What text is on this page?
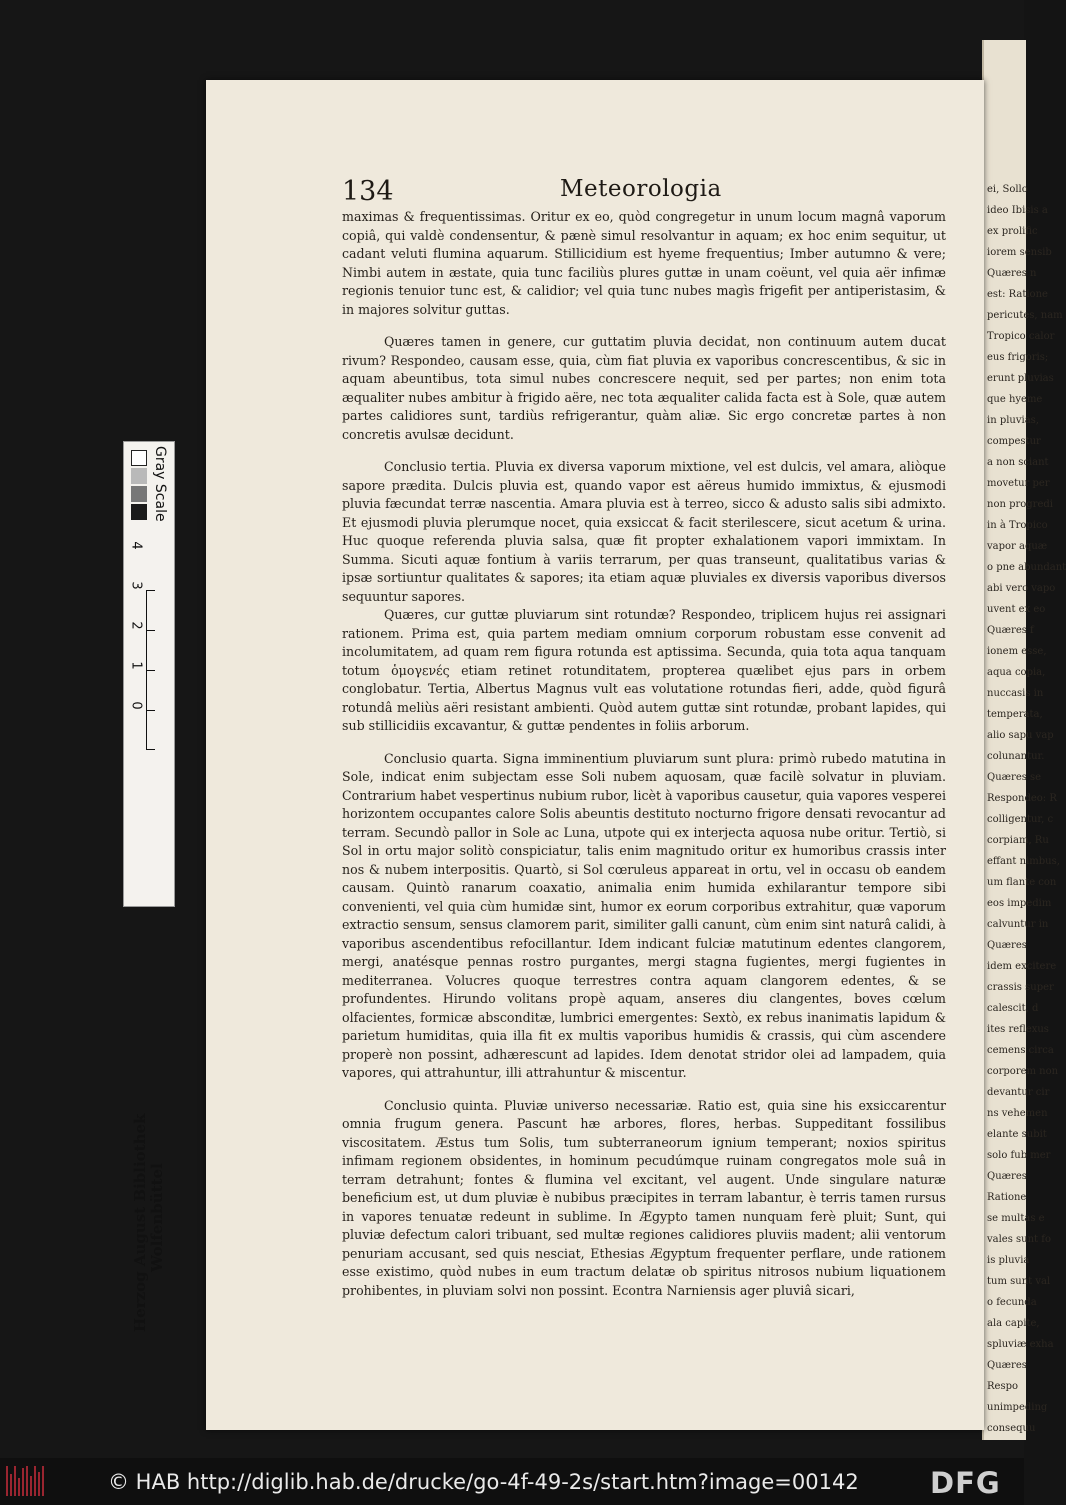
ei, Sollo
ideo Ibisis a
ex prolific
iorem sensib
Quæres n
est: Ratione
pericutes, nam
Tropico calor
eus frigoris;
erunt pluvias
que hyeme
in pluvias,
compestur
a non sciant
movetur per
non progredi
in à Tropico
vapor aquæ
o pne abundant
abi vero vapo
uvent ex eo
Quæres f
ionem esse,
aqua copia,
nuccasis in
temperata,
alio sapu vap
colunantur.
Quæres se
Respondeo: R
colligentur, c
corpiam, Ru
effant nimbus,
um flante con
eos impedim
calvuntur in
Quæres
idem excitere
crassis super
calescit, d
ites reflexus
cemens circa
corporem non
devantur cir
ns vehemen
elante subit
solo fub mer
Quæres
Ratione
se multas e
vales sunt fo
is pluvia
tum sunt val
o fecunda
ala capite,
spluviæ exha
Quæres
Respo
unimpeding
consequu
134	Meteorologia

maximas & frequentissimas. Oritur ex eo, quòd congregetur in unum locum magnâ vaporum copiâ, qui valdè condensentur, & pænè simul resolvantur in aquam; ex hoc enim sequitur, ut cadant veluti flumina aquarum. Stillicidium est hyeme frequentius; Imber autumno & vere; Nimbi autem in æstate, quia tunc faciliùs plures guttæ in unam coëunt, vel quia aër infimæ regionis tenuior tunc est, & calidior; vel quia tunc nubes magìs frigefit per antiperistasim, & in majores solvitur guttas.

Quæres tamen in genere, cur guttatim pluvia decidat, non continuum autem ducat rivum? Respondeo, causam esse, quia, cùm fiat pluvia ex vaporibus concrescentibus, & sic in aquam abeuntibus, tota simul nubes concrescere nequit, sed per partes; non enim tota æqualiter nubes ambitur à frigido aëre, nec tota æqualiter calida facta est à Sole, quæ autem partes calidiores sunt, tardiùs refrigerantur, quàm aliæ. Sic ergo concretæ partes à non concretis avulsæ decidunt.

Conclusio tertia. Pluvia ex diversa vaporum mixtione, vel est dulcis, vel amara, aliòque sapore prædita. Dulcis pluvia est, quando vapor est aëreus humido immixtus, & ejusmodi pluvia fæcundat terræ nascentia. Amara pluvia est à terreo, sicco & adusto salis sibi admixto. Et ejusmodi pluvia plerumque nocet, quia exsiccat & facit sterilescere, sicut acetum & urina. Huc quoque referenda pluvia salsa, quæ fit propter exhalationem vapori immixtam. In Summa. Sicuti aquæ fontium à variis terrarum, per quas transeunt, qualitatibus varias & ipsæ sortiuntur qualitates & sapores; ita etiam aquæ pluviales ex diversis vaporibus diversos sequuntur sapores.

Quæres, cur guttæ pluviarum sint rotundæ? Respondeo, triplicem hujus rei assignari rationem. Prima est, quia partem mediam omnium corporum robustam esse convenit ad incolumitatem, ad quam rem figura rotunda est aptissima. Secunda, quia tota aqua tanquam totum ὁμογενές etiam retinet rotunditatem, propterea quælibet ejus pars in orbem conglobatur. Tertia, Albertus Magnus vult eas volutatione rotundas fieri, adde, quòd figurâ rotundâ meliùs aëri resistant ambienti. Quòd autem guttæ sint rotundæ, probant lapides, qui sub stillicidiis excavantur, & guttæ pendentes in foliis arborum.

Conclusio quarta. Signa imminentium pluviarum sunt plura: primò rubedo matutina in Sole, indicat enim subjectam esse Soli nubem aquosam, quæ facilè solvatur in pluviam. Contrarium habet vespertinus nubium rubor, licèt à vaporibus causetur, quia vapores vesperei horizontem occupantes calore Solis abeuntis destituto nocturno frigore densati revocantur ad terram. Secundò pallor in Sole ac Luna, utpote qui ex interjecta aquosa nube oritur. Tertiò, si Sol in ortu major solitò conspiciatur, talis enim magnitudo oritur ex humoribus crassis inter nos & nubem interpositis. Quartò, si Sol cœruleus appareat in ortu, vel in occasu ob eandem causam. Quintò ranarum coaxatio, animalia enim humida exhilarantur tempore sibi convenienti, vel quia cùm humidæ sint, humor ex eorum corporibus extrahitur, quæ vaporum extractio sensum, sensus clamorem parit, similiter galli canunt, cùm enim sint naturâ calidi, à vaporibus ascendentibus refocillantur. Idem indicant fulciæ matutinum edentes clangorem, mergi, anatésque pennas rostro purgantes, mergi stagna fugientes, mergi fugientes in mediterranea. Volucres quoque terrestres contra aquam clangorem edentes, & se profundentes. Hirundo volitans propè aquam, anseres diu clangentes, boves cœlum olfacientes, formicæ absconditæ, lumbrici emergentes: Sextò, ex rebus inanimatis lapidum & parietum humiditas, quia illa fit ex multis vaporibus humidis & crassis, qui cùm ascendere properè non possint, adhærescunt ad lapides. Idem denotat stridor olei ad lampadem, quia vapores, qui attrahuntur, illi attrahuntur & miscentur.

Conclusio quinta. Pluviæ universo necessariæ. Ratio est, quia sine his exsiccarentur omnia frugum genera. Pascunt hæ arbores, flores, herbas. Suppeditant fossilibus viscositatem. Æstus tum Solis, tum subterraneorum ignium temperant; noxios spiritus infimam regionem obsidentes, in hominum pecudúmque ruinam congregatos mole suâ in terram detrahunt; fontes & flumina vel excitant, vel augent. Unde singulare naturæ beneficium est, ut dum pluviæ è nubibus præcipites in terram labantur, è terris tamen rursus in vapores tenuatæ redeunt in sublime. In Ægypto tamen nunquam ferè pluit; Sunt, qui pluviæ defectum calori tribuant, sed multæ regiones calidiores pluviis madent; alii ventorum penuriam accusant, sed quis nesciat, Ethesias Ægyptum frequenter perflare, unde rationem esse existimo, quòd nubes in eum tractum delatæ ob spiritus nitrosos nubium liquationem prohibentes, in pluviam solvi non possint. Econtra Narniensis ager pluviâ sicari,

Gray Scale
4
3
2
1
0
Herzog August Bibliothek Wolfenbüttel
© HAB http://diglib.hab.de/drucke/go-4f-49-2s/start.htm?image=00142 DFG
